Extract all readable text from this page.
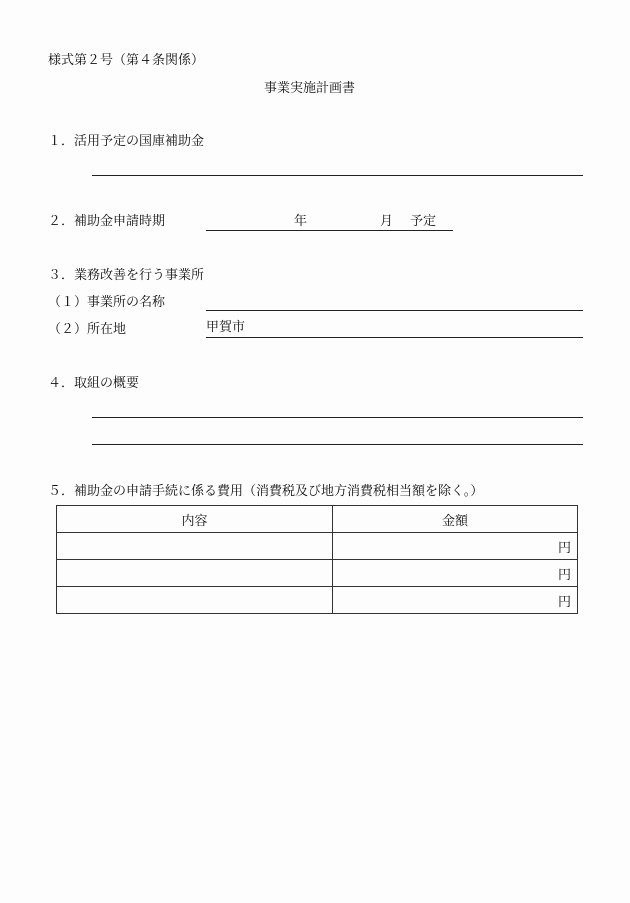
様式第２号（第４条関係）
事業実施計画書
１．活用予定の国庫補助金
２．補助金申請時期	年	月 予定
３．業務改善を行う事業所
（１）事業所の名称
（２）所在地	甲賀市
４．取組の概要
５．補助金の申請手続に係る費用（消費税及び地方消費税相当額を除く。）
内容	金額
	円
	円
	円
